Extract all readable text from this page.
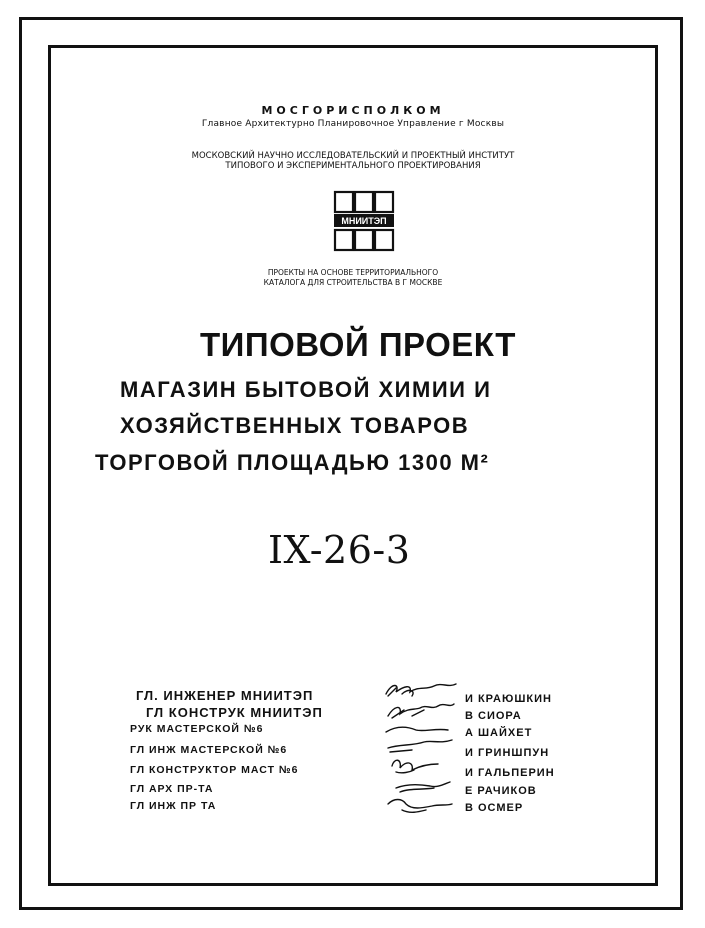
МОСГОРИСПОЛКОМ
Главное Архитектурно Планировочное Управление г Москвы
МОСКОВСКИЙ НАУЧНО ИССЛЕДОВАТЕЛЬСКИЙ И ПРОЕКТНЫЙ ИНСТИТУТ
ТИПОВОГО И ЭКСПЕРИМЕНТАЛЬНОГО ПРОЕКТИРОВАНИЯ
МНИИТЭП
ПРОЕКТЫ НА ОСНОВЕ ТЕРРИТОРИАЛЬНОГО
КАТАЛОГА ДЛЯ СТРОИТЕЛЬСТВА В Г МОСКВЕ
ТИПОВОЙ ПРОЕКТ
МАГАЗИН БЫТОВОЙ ХИМИИ И
ХОЗЯЙСТВЕННЫХ ТОВАРОВ
ТОРГОВОЙ ПЛОЩАДЬЮ 1300 М²
IX-26-3
ГЛ. ИНЖЕНЕР МНИИТЭП
ГЛ КОНСТРУК МНИИТЭП
РУК МАСТЕРСКОЙ №6
ГЛ ИНЖ МАСТЕРСКОЙ №6
ГЛ КОНСТРУКТОР МАСТ №6
ГЛ АРХ ПР-ТА
ГЛ ИНЖ ПР ТА
И КРАЮШКИН
В СИОРА
А ШАЙХЕТ
И ГРИНШПУН
И ГАЛЬПЕРИН
Е РАЧИКОВ
В ОСМЕР
